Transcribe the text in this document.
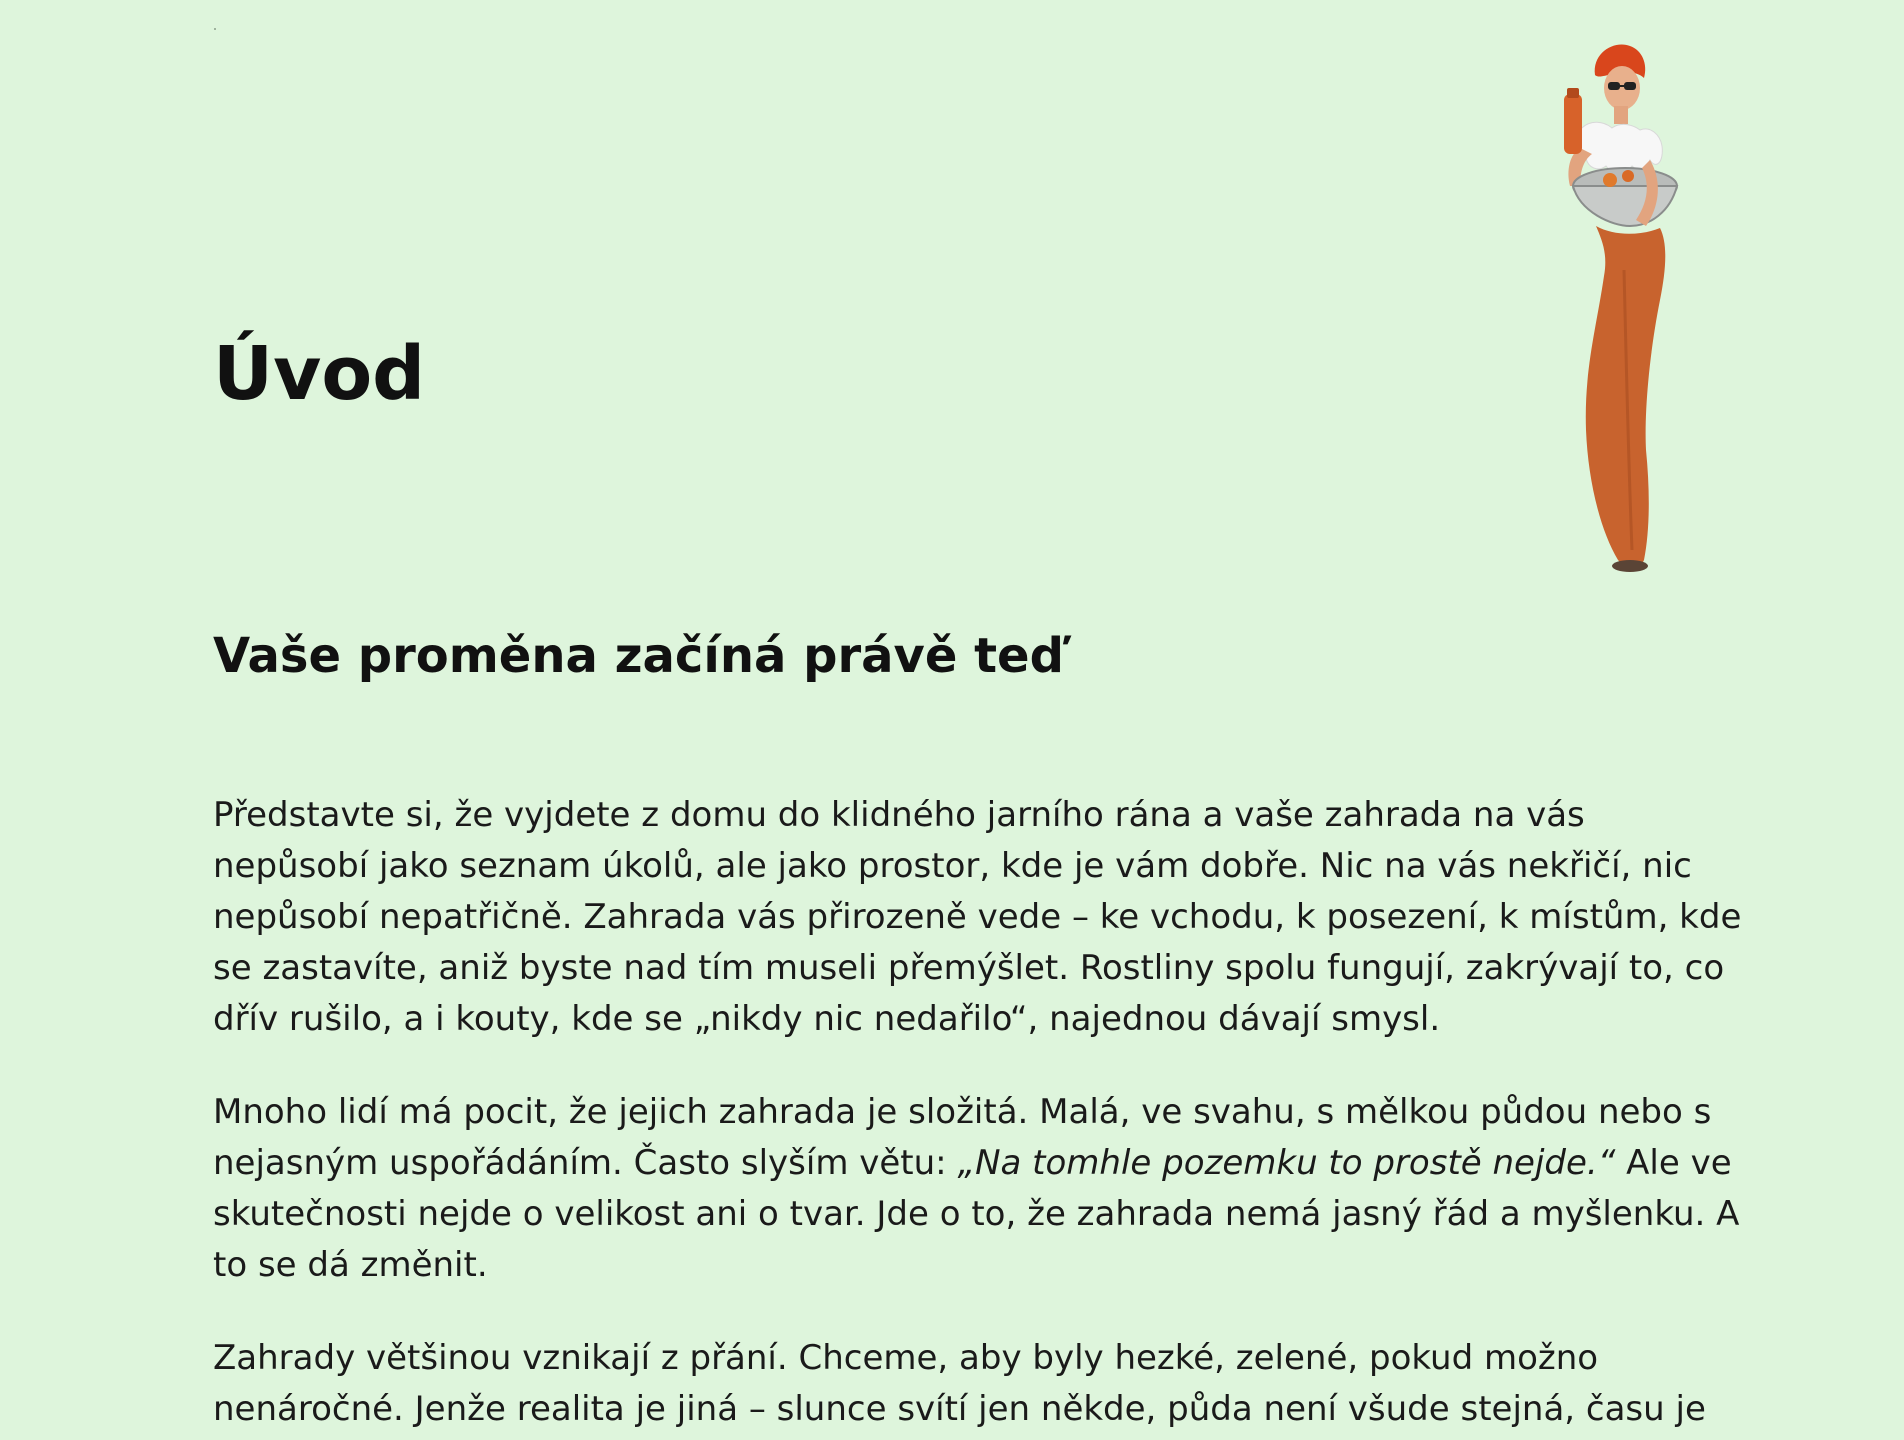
Úvod
Vaše proměna začíná právě teď

Představte si, že vyjdete z domu do klidného jarního rána a vaše zahrada na vás nepůsobí jako seznam úkolů, ale jako prostor, kde je vám dobře. Nic na vás nekřičí, nic nepůsobí nepatřičně. Zahrada vás přirozeně vede – ke vchodu, k posezení, k místům, kde se zastavíte, aniž byste nad tím museli přemýšlet. Rostliny spolu fungují, zakrývají to, co dřív rušilo, a i kouty, kde se „nikdy nic nedařilo“, najednou dávají smysl.

Mnoho lidí má pocit, že jejich zahrada je složitá. Malá, ve svahu, s mělkou půdou nebo s nejasným uspořádáním. Často slyším větu: „Na tomhle pozemku to prostě nejde.“ Ale ve skutečnosti nejde o velikost ani o tvar. Jde o to, že zahrada nemá jasný řád a myšlenku. A to se dá změnit.

Zahrady většinou vznikají z přání. Chceme, aby byly hezké, zelené, pokud možno nenáročné. Jenže realita je jiná – slunce svítí jen někde, půda není všude stejná, času je
